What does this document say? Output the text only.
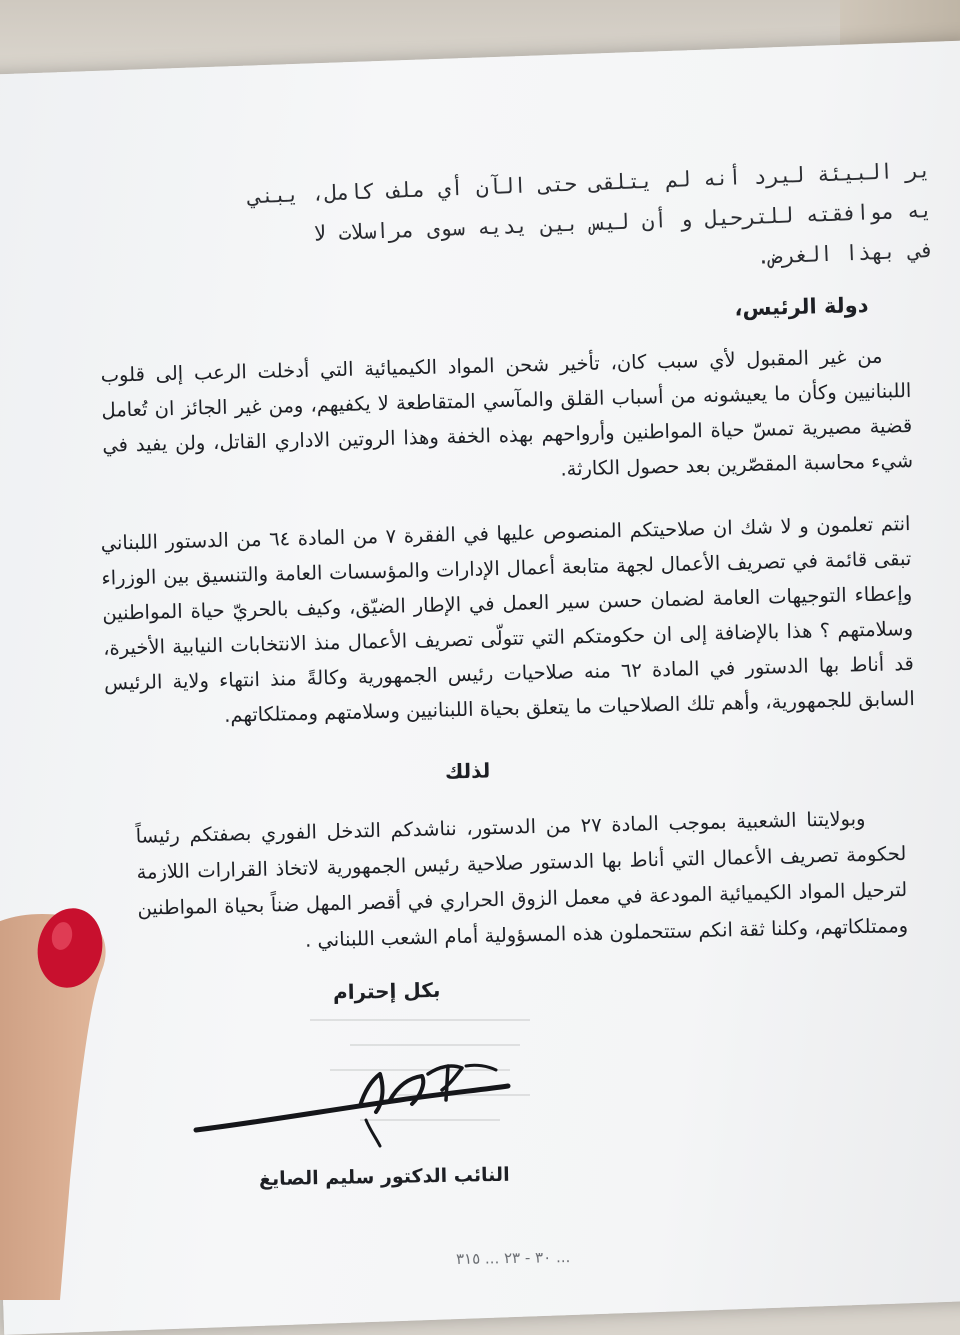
ير البيئة ليرد أنه لم يتلقى حتى الآن أي ملف كامل، يبني

يه موافقته للترحيل و أن ليس بين يديه سوى مراسلات لا

في بهذا الغرض.

دولة الرئيس،
من غير المقبول لأي سبب كان، تأخير شحن المواد الكيميائية التي أدخلت الرعب إلى قلوب اللبنانيين وكأن ما يعيشونه من أسباب القلق والمآسي المتقاطعة لا يكفيهم، ومن غير الجائز ان تُعامل قضية مصيرية تمسّ حياة المواطنين وأرواحهم بهذه الخفة وهذا الروتين الاداري القاتل، ولن يفيد في شيء محاسبة المقصّرين بعد حصول الكارثة.
انتم تعلمون و لا شك ان صلاحيتكم المنصوص عليها في الفقرة ٧ من المادة ٦٤ من الدستور اللبناني تبقى قائمة في تصريف الأعمال لجهة متابعة أعمال الإدارات والمؤسسات العامة والتنسيق بين الوزراء وإعطاء التوجيهات العامة لضمان حسن سير العمل في الإطار الضيّق، وكيف بالحريّ حياة المواطنين وسلامتهم ؟ هذا بالإضافة إلى ان حكومتكم التي تتولّى تصريف الأعمال منذ الانتخابات النيابية الأخيرة، قد أناط بها الدستور في المادة ٦٢ منه صلاحيات رئيس الجمهورية وكالةً منذ انتهاء ولاية الرئيس السابق للجمهورية، وأهم تلك الصلاحيات ما يتعلق بحياة اللبنانيين وسلامتهم وممتلكاتهم.
لذلك
وبولايتنا الشعبية بموجب المادة ٢٧ من الدستور، نناشدكم التدخل الفوري بصفتكم رئيساً لحكومة تصريف الأعمال التي أناط بها الدستور صلاحية رئيس الجمهورية لاتخاذ القرارات اللازمة لترحيل المواد الكيميائية المودعة في معمل الزوق الحراري في أقصر المهل ضناً بحياة المواطنين وممتلكاتهم، وكلنا ثقة انكم ستتحملون هذه المسؤولية أمام الشعب اللبناني .
بكل إحترام
النائب الدكتور سليم الصايغ
... ٣٠ - ٢٣ ... ٣١٥
